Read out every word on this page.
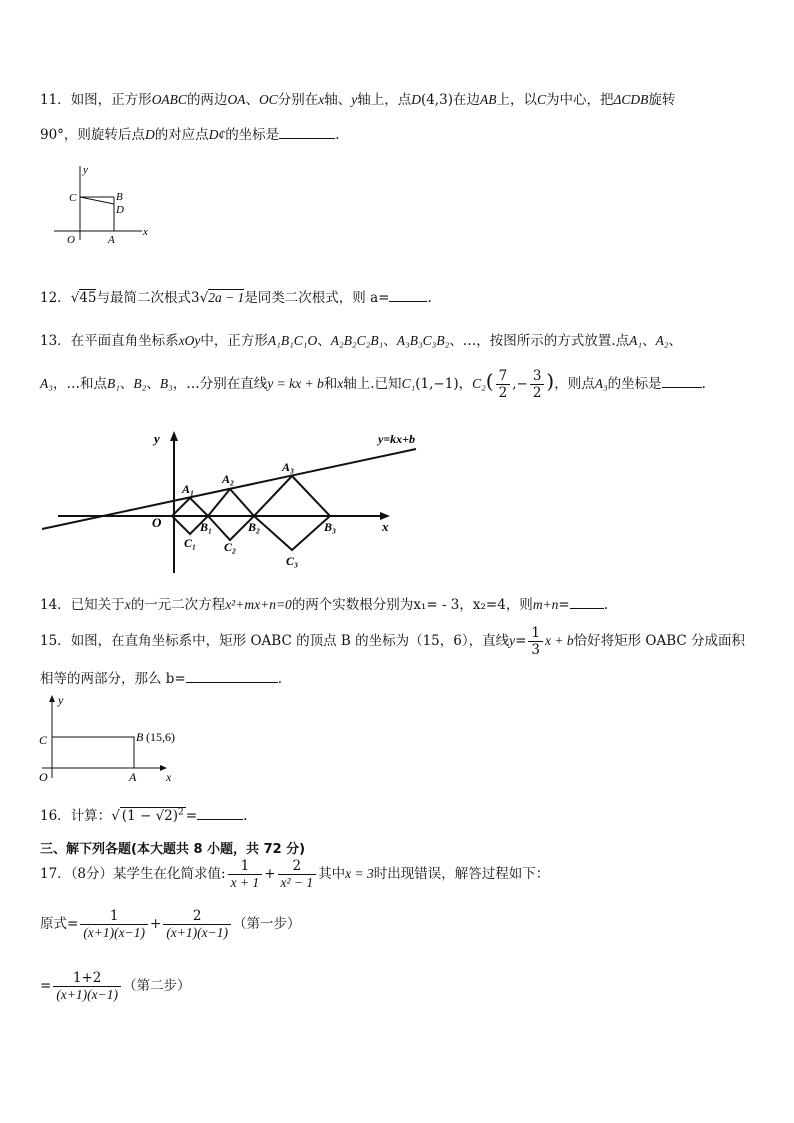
11．如图，正方形OABC的两边OA、OC分别在x轴、y轴上，点D(4,3)在边AB上，以C为中心，把ΔCDB旋转
90°，则旋转后点D的对应点D¢的坐标是	.
y
x
C	B
D
O	A
12．√45与最简二次根式3√2a − 1是同类二次根式，则 a=	.
13．在平面直角坐标系xOy中，正方形A₁B₁C₁O、A₂B₂C₂B₁、A₃B₃C₃B₂、…，按图所示的方式放置.点A₁、A₂、
A₃，…和点B₁、B₂、B₃，…分别在直线y = kx + b和x轴上.已知C₁(1,−1)，$C_2( \frac{7}{2}$ ,− $\frac{3}{2}$ )，则点A₃的坐标是	.
y
x
y=kx+b
O
A₁
A₂
A₃
B₁	B₂	B₃
C₁ C₂
C₃
14．已知关于x的一元二次方程x²+mx+n=0的两个实数根分别为x₁= - 3，x₂=4，则m+n=	.
15．如图，在直角坐标系中，矩形 OABC 的顶点 B 的坐标为（15，6），直线$y= \frac{1}{3}$ x + b恰好将矩形 OABC 分成面积
相等的两部分，那么 b=	.
y
x
C	B (15,6)
O	A
16．计算：√ $(1 - √2)^2$ =	.
三、解下列各题(本大题共 8 小题，共 72 分)
17．（8分）某学生在化简求值: $\frac{1}{x + 1} + \frac{2}{\text{x² − 1}}$ 其中x = 3时出现错误，解答过程如下：
原式= $\frac{1}{(x+1)(x-1)} + \frac{2}{(x+1)(x-1)}$ （第一步）
= $\frac{1+2}{(x+1)(x-1)}$ （第二步）
